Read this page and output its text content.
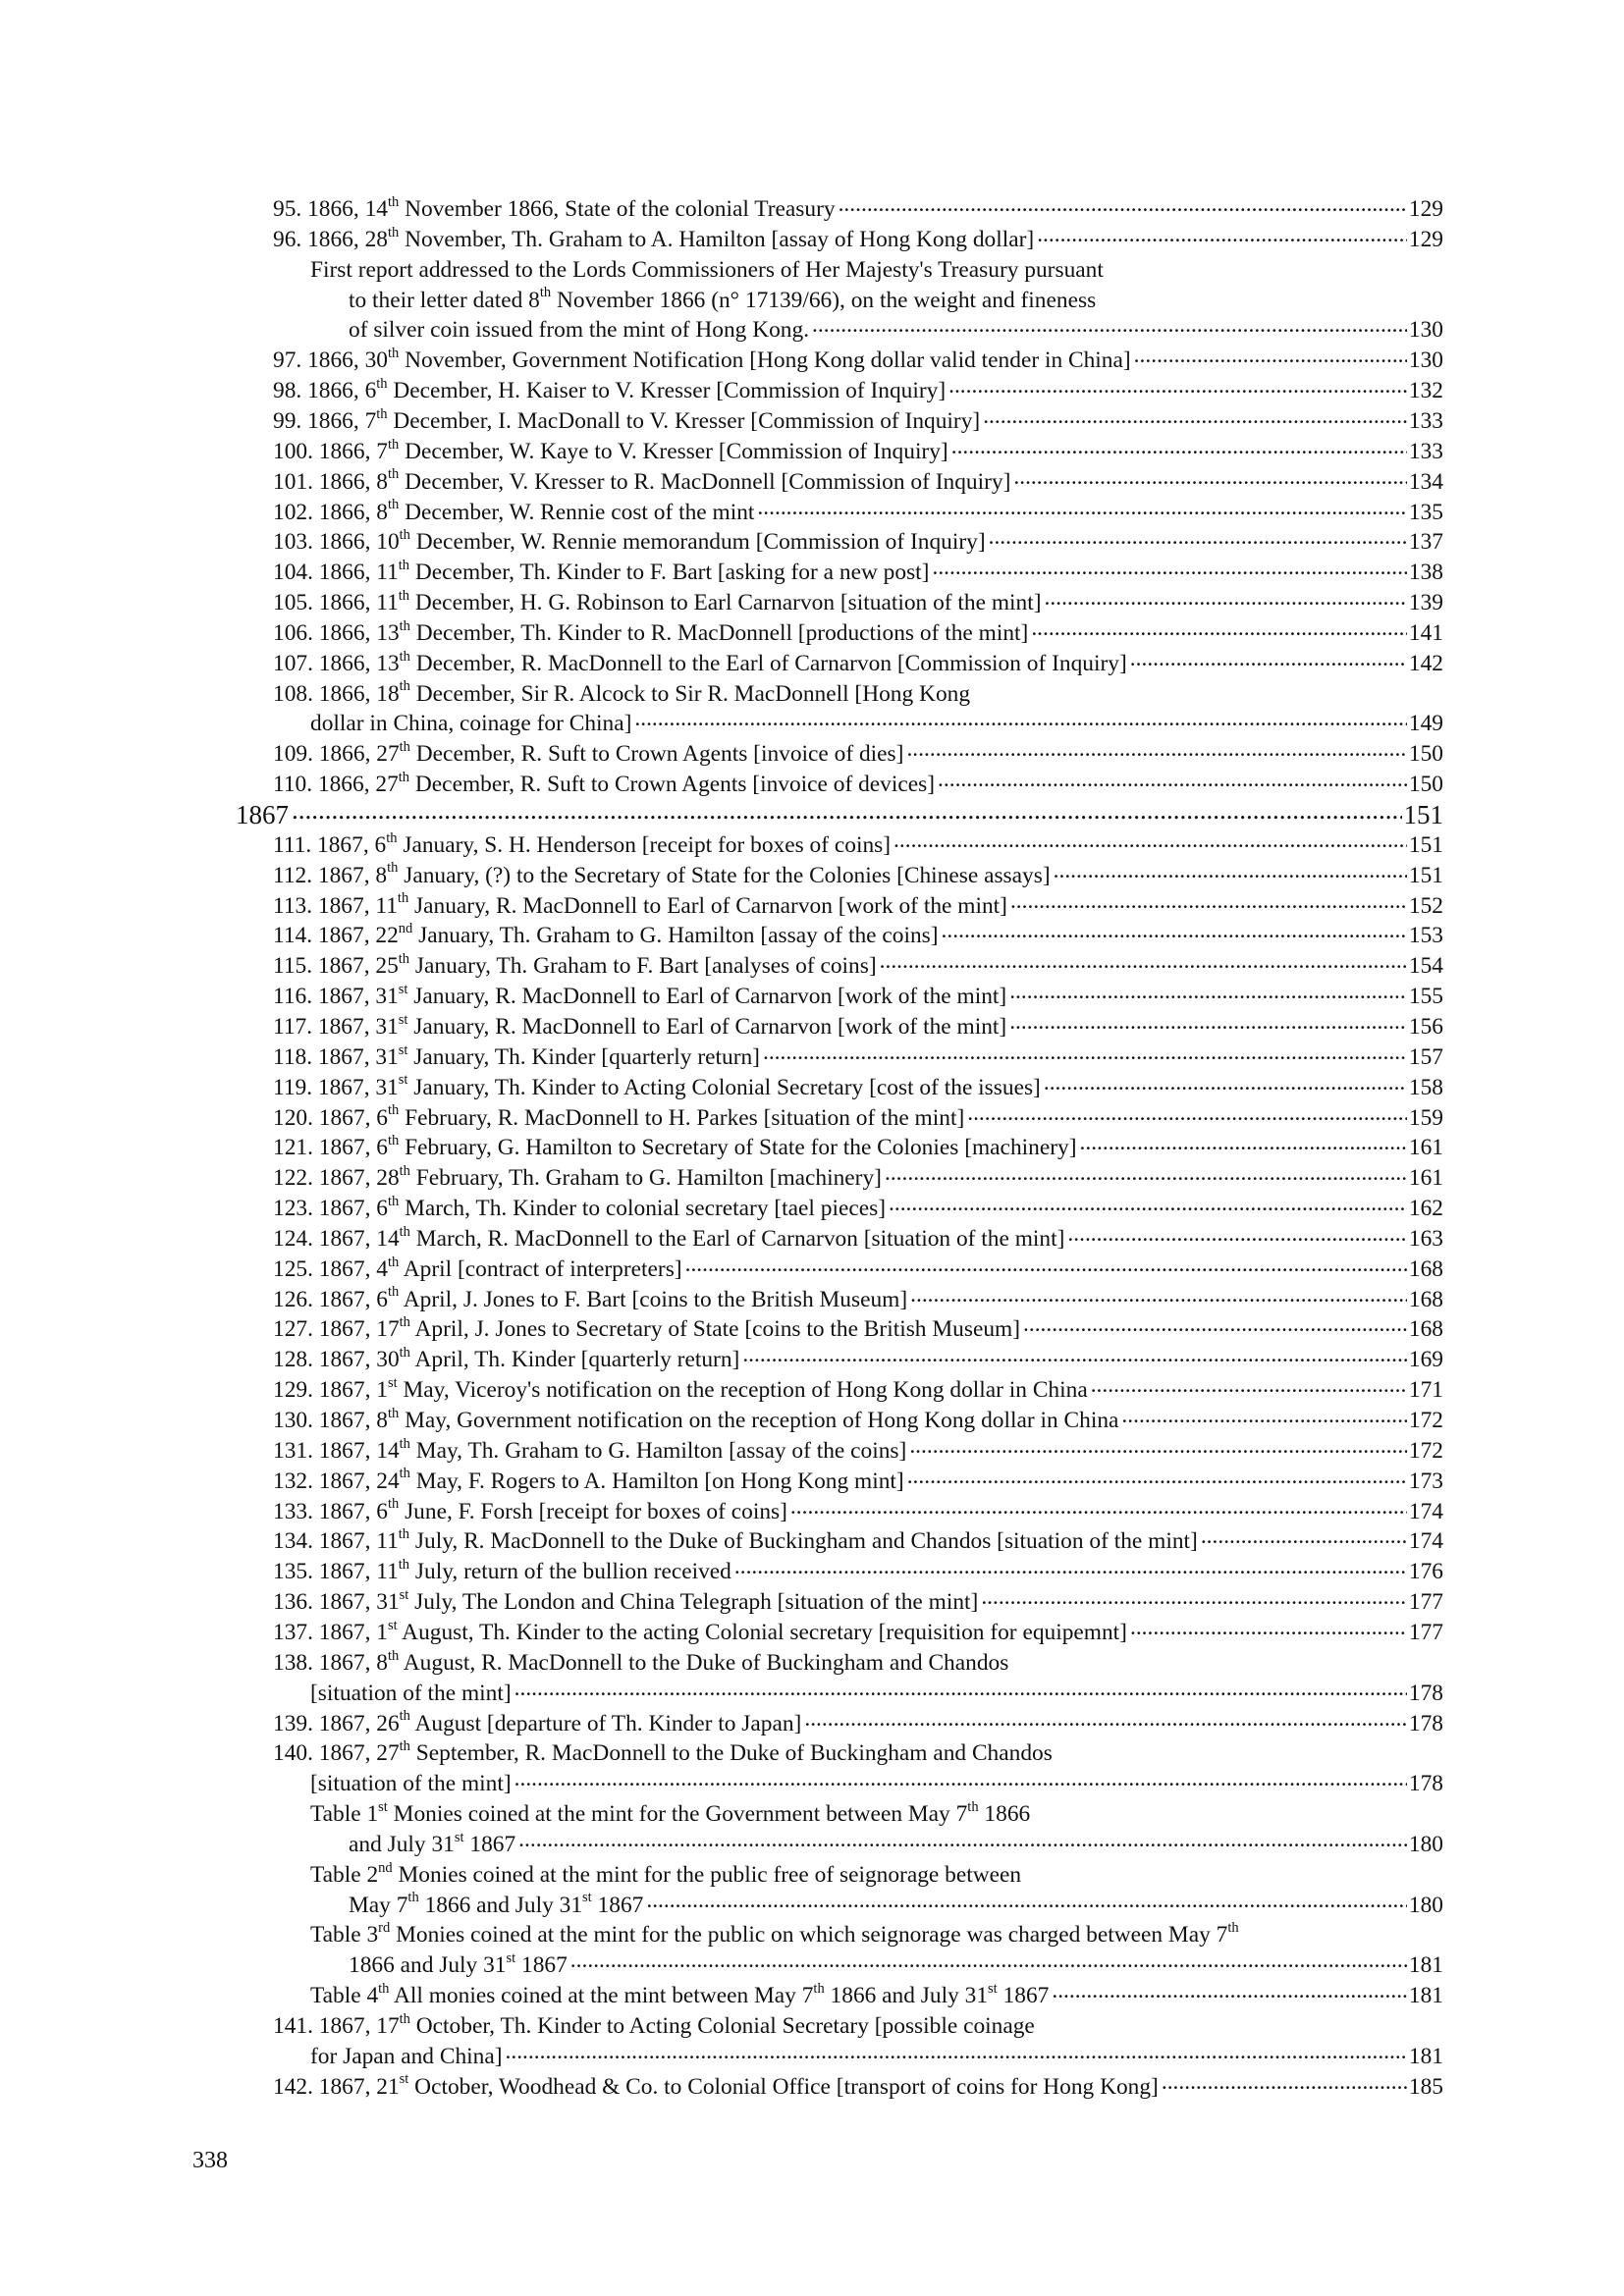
95. 1866, 14th November 1866, State of the colonial Treasury .....	129
96. 1866, 28th November, Th. Graham to A. Hamilton [assay of Hong Kong dollar] .....	129
First report addressed to the Lords Commissioners of Her Majesty's Treasury pursuant
to their letter dated 8th November 1866 (n° 17139/66), on the weight and fineness
of silver coin issued from the mint of Hong Kong. .....	130
97. 1866, 30th November, Government Notification [Hong Kong dollar valid tender in China] .....	130
98. 1866, 6th December, H. Kaiser to V. Kresser [Commission of Inquiry] .....	132
99. 1866, 7th December, I. MacDonall to V. Kresser [Commission of Inquiry] .....	133
100. 1866, 7th December, W. Kaye to V. Kresser [Commission of Inquiry] .....	133
101. 1866, 8th December, V. Kresser to R. MacDonnell [Commission of Inquiry] .....	134
102. 1866, 8th December, W. Rennie cost of the mint .....	135
103. 1866, 10th December, W. Rennie memorandum [Commission of Inquiry] .....	137
104. 1866, 11th December, Th. Kinder to F. Bart [asking for a new post] .....	138
105. 1866, 11th December, H. G. Robinson to Earl Carnarvon [situation of the mint] .....	139
106. 1866, 13th December, Th. Kinder to R. MacDonnell [productions of the mint] .....	141
107. 1866, 13th December, R. MacDonnell to the Earl of Carnarvon [Commission of Inquiry] .....	142
108. 1866, 18th December, Sir R. Alcock to Sir R. MacDonnell [Hong Kong
dollar in China, coinage for China] .....	149
109. 1866, 27th December, R. Suft to Crown Agents [invoice of dies] .....	150
110. 1866, 27th December, R. Suft to Crown Agents [invoice of devices] .....	150
1867 .....	151
111. 1867, 6th January, S. H. Henderson [receipt for boxes of coins] .....	151
112. 1867, 8th January, (?) to the Secretary of State for the Colonies [Chinese assays] .....	151
113. 1867, 11th January, R. MacDonnell to Earl of Carnarvon [work of the mint] .....	152
114. 1867, 22nd January, Th. Graham to G. Hamilton [assay of the coins] .....	153
115. 1867, 25th January, Th. Graham to F. Bart [analyses of coins] .....	154
116. 1867, 31st January, R. MacDonnell to Earl of Carnarvon [work of the mint] .....	155
117. 1867, 31st January, R. MacDonnell to Earl of Carnarvon [work of the mint] .....	156
118. 1867, 31st January, Th. Kinder [quarterly return] .....	157
119. 1867, 31st January, Th. Kinder to Acting Colonial Secretary [cost of the issues] .....	158
120. 1867, 6th February, R. MacDonnell to H. Parkes [situation of the mint] .....	159
121. 1867, 6th February, G. Hamilton to Secretary of State for the Colonies [machinery] .....	161
122. 1867, 28th February, Th. Graham to G. Hamilton [machinery] .....	161
123. 1867, 6th March, Th. Kinder to colonial secretary [tael pieces] .....	162
124. 1867, 14th March, R. MacDonnell to the Earl of Carnarvon [situation of the mint] .....	163
125. 1867, 4th April [contract of interpreters] .....	168
126. 1867, 6th April, J. Jones to F. Bart [coins to the British Museum] .....	168
127. 1867, 17th April, J. Jones to Secretary of State [coins to the British Museum] .....	168
128. 1867, 30th April, Th. Kinder [quarterly return] .....	169
129. 1867, 1st May, Viceroy's notification on the reception of Hong Kong dollar in China .....	171
130. 1867, 8th May, Government notification on the reception of Hong Kong dollar in China .....	172
131. 1867, 14th May, Th. Graham to G. Hamilton [assay of the coins] .....	172
132. 1867, 24th May, F. Rogers to A. Hamilton [on Hong Kong mint] .....	173
133. 1867, 6th June, F. Forsh [receipt for boxes of coins] .....	174
134. 1867, 11th July, R. MacDonnell to the Duke of Buckingham and Chandos [situation of the mint] .....	174
135. 1867, 11th July, return of the bullion received .....	176
136. 1867, 31st July, The London and China Telegraph [situation of the mint] .....	177
137. 1867, 1st August, Th. Kinder to the acting Colonial secretary [requisition for equipemnt] .....	177
138. 1867, 8th August, R. MacDonnell to the Duke of Buckingham and Chandos
[situation of the mint] .....	178
139. 1867, 26th August [departure of Th. Kinder to Japan] .....	178
140. 1867, 27th September, R. MacDonnell to the Duke of Buckingham and Chandos
[situation of the mint] .....	178
Table 1st Monies coined at the mint for the Government between May 7th 1866
and July 31st 1867 .....	180
Table 2nd Monies coined at the mint for the public free of seignorage between
May 7th 1866 and July 31st 1867 .....	180
Table 3rd Monies coined at the mint for the public on which seignorage was charged between May 7th
1866 and July 31st 1867 .....	181
Table 4th All monies coined at the mint between May 7th 1866 and July 31st 1867 .....	181
141. 1867, 17th October, Th. Kinder to Acting Colonial Secretary [possible coinage
for Japan and China] .....	181
142. 1867, 21st October, Woodhead & Co. to Colonial Office [transport of coins for Hong Kong] .....	185
338
